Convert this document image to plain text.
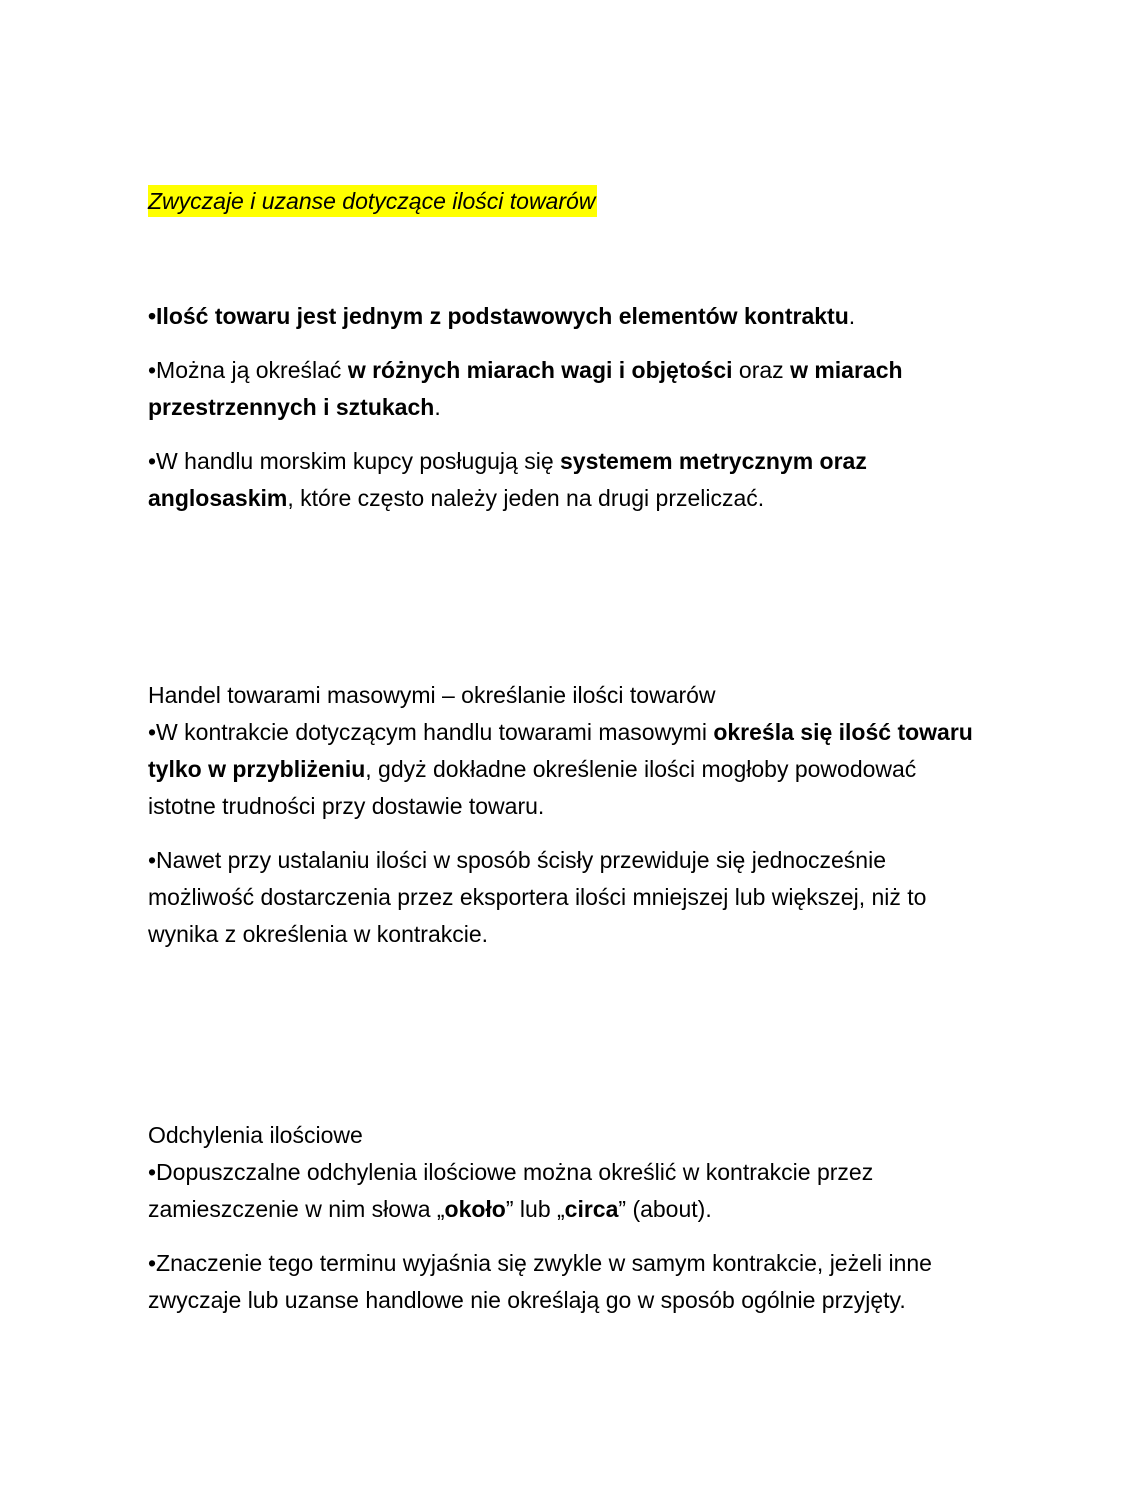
Zwyczaje i uzanse dotyczące ilości towarów

•Ilość towaru jest jednym z podstawowych elementów kontraktu.

•Można ją określać w różnych miarach wagi i objętości oraz w miarach przestrzennych i sztukach.

•W handlu morskim kupcy posługują się systemem metrycznym oraz anglosaskim, które często należy jeden na drugi przeliczać.

Handel towarami masowymi – określanie ilości towarów

•W kontrakcie dotyczącym handlu towarami masowymi określa się ilość towaru tylko w przybliżeniu, gdyż dokładne określenie ilości mogłoby powodować istotne trudności przy dostawie towaru.

•Nawet przy ustalaniu ilości w sposób ścisły przewiduje się jednocześnie możliwość dostarczenia przez eksportera ilości mniejszej lub większej, niż to wynika z określenia w kontrakcie.

Odchylenia ilościowe

•Dopuszczalne odchylenia ilościowe można określić w kontrakcie przez zamieszczenie w nim słowa „około” lub „circa” (about).

•Znaczenie tego terminu wyjaśnia się zwykle w samym kontrakcie, jeżeli inne zwyczaje lub uzanse handlowe nie określają go w sposób ogólnie przyjęty.
